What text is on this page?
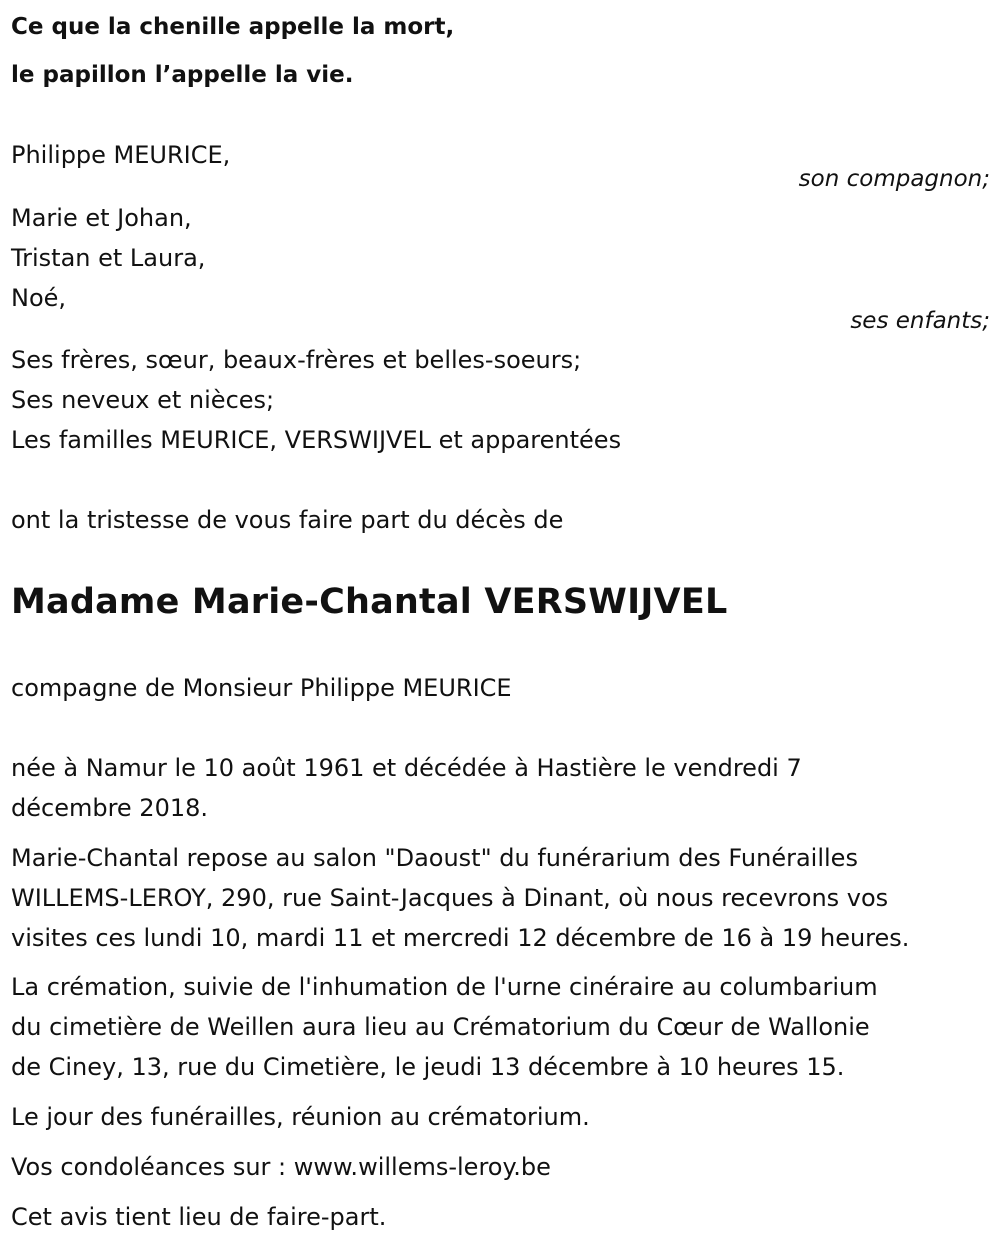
Ce que la chenille appelle la mort,
le papillon l’appelle la vie.
Philippe MEURICE,
son compagnon;
Marie et Johan,
Tristan et Laura,
Noé,
ses enfants;
Ses frères, sœur, beaux-frères et belles-soeurs;
Ses neveux et nièces;
Les familles MEURICE, VERSWIJVEL et apparentées
ont la tristesse de vous faire part du décès de
Madame Marie-Chantal VERSWIJVEL
compagne de Monsieur Philippe MEURICE
née à Namur le 10 août 1961 et décédée à Hastière le vendredi 7
décembre 2018.
Marie-Chantal repose au salon "Daoust" du funérarium des Funérailles
WILLEMS-LEROY, 290, rue Saint-Jacques à Dinant, où nous recevrons vos
visites ces lundi 10, mardi 11 et mercredi 12 décembre de 16 à 19 heures.
La crémation, suivie de l'inhumation de l'urne cinéraire au columbarium
du cimetière de Weillen aura lieu au Crématorium du Cœur de Wallonie
de Ciney, 13, rue du Cimetière, le jeudi 13 décembre à 10 heures 15.
Le jour des funérailles, réunion au crématorium.
Vos condoléances sur : www.willems-leroy.be
Cet avis tient lieu de faire-part.
